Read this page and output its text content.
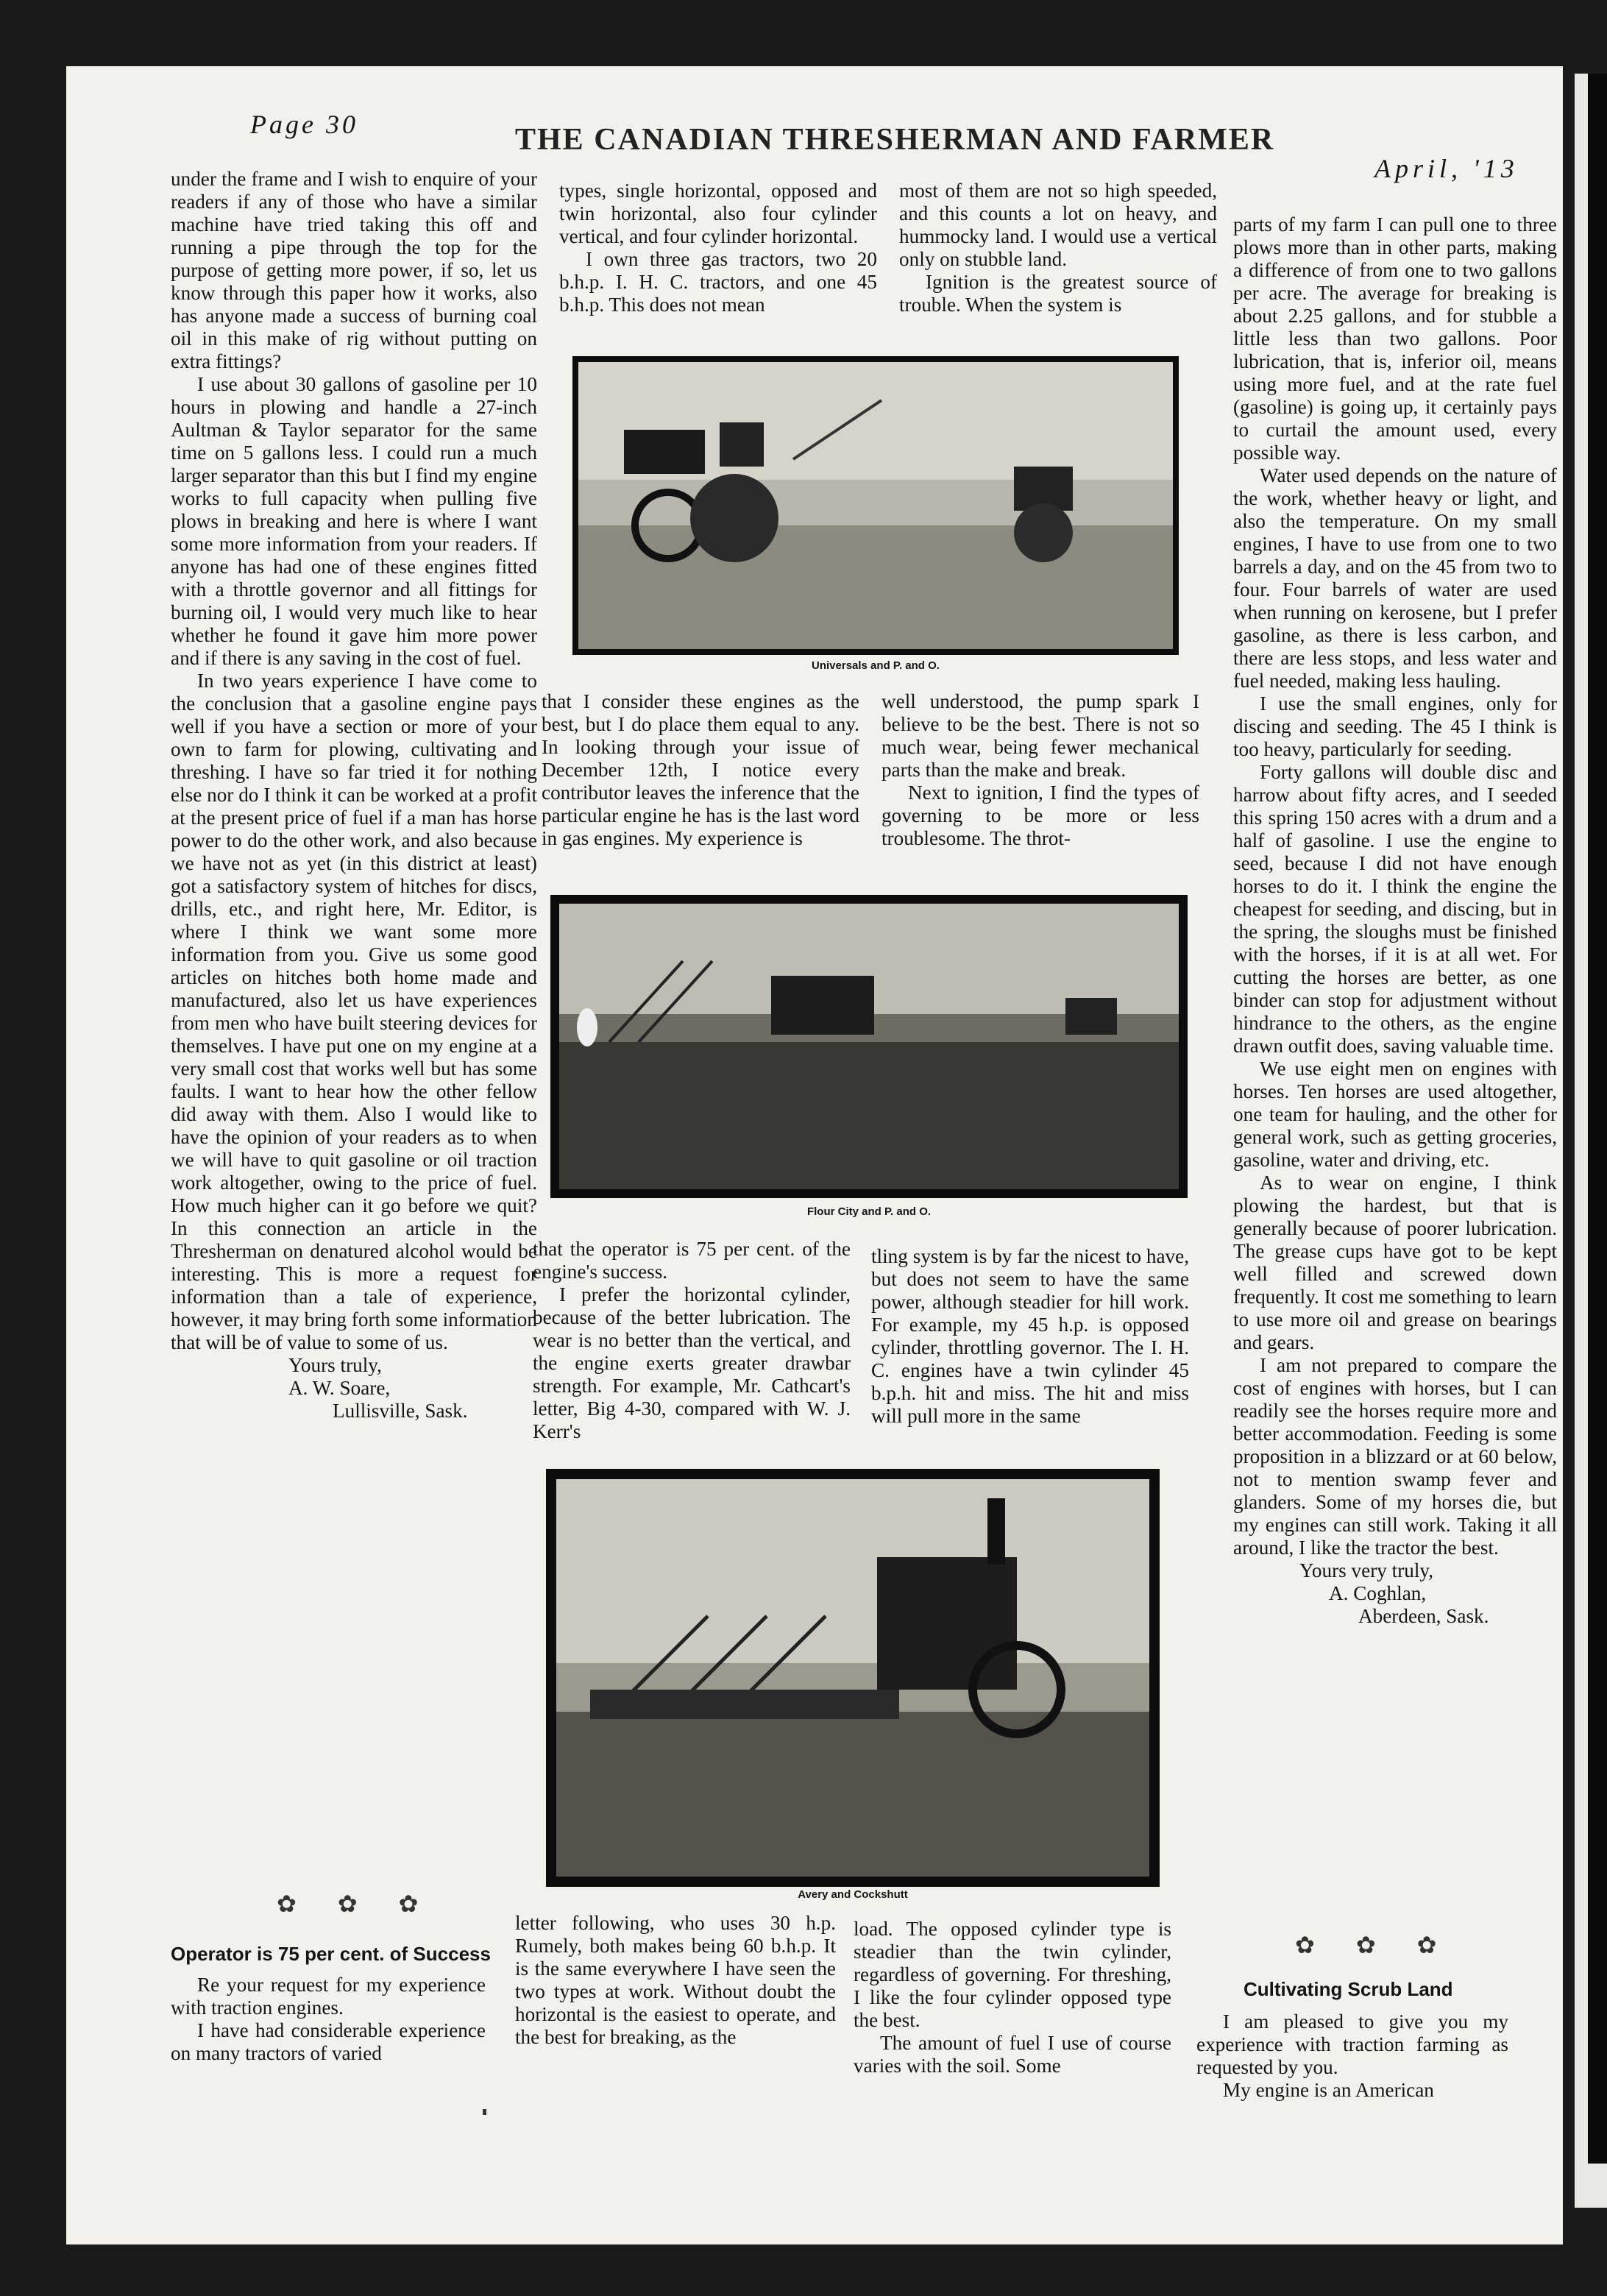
Page 30	THE CANADIAN THRESHERMAN AND FARMER
April, '13

under the frame and I wish to enquire of your readers if any of those who have a similar machine have tried taking this off and running a pipe through the top for the purpose of getting more power, if so, let us know through this paper how it works, also has anyone made a success of burning coal oil in this make of rig without putting on extra fittings?

I use about 30 gallons of gasoline per 10 hours in plowing and handle a 27-inch Aultman & Taylor separator for the same time on 5 gallons less. I could run a much larger separator than this but I find my engine works to full capacity when pulling five plows in breaking and here is where I want some more information from your readers. If anyone has had one of these engines fitted with a throttle governor and all fittings for burning oil, I would very much like to hear whether he found it gave him more power and if there is any saving in the cost of fuel.

In two years experience I have come to the conclusion that a gasoline engine pays well if you have a section or more of your own to farm for plowing, cultivating and threshing. I have so far tried it for nothing else nor do I think it can be worked at a profit at the present price of fuel if a man has horse power to do the other work, and also because we have not as yet (in this district at least) got a satisfactory system of hitches for discs, drills, etc., and right here, Mr. Editor, is where I think we want some more information from you. Give us some good articles on hitches both home made and manufactured, also let us have experiences from men who have built steering devices for themselves. I have put one on my engine at a very small cost that works well but has some faults. I want to hear how the other fellow did away with them. Also I would like to have the opinion of your readers as to when we will have to quit gasoline or oil traction work altogether, owing to the price of fuel. How much higher can it go before we quit? In this connection an article in the Thresherman on denatured alcohol would be interesting. This is more a request for information than a tale of experience, however, it may bring forth some information that will be of value to some of us.

Yours truly,

A. W. Soare,

Lullisville, Sask.

✿ ✿ ✿
Operator is 75 per cent. of Success

Re your request for my experience with traction engines.

I have had considerable experience on many tractors of varied

types, single horizontal, opposed and twin horizontal, also four cylinder vertical, and four cylinder horizontal.

I own three gas tractors, two 20 b.h.p. I. H. C. tractors, and one 45 b.h.p. This does not mean

most of them are not so high speeded, and this counts a lot on heavy, and hummocky land. I would use a vertical only on stubble land.

Ignition is the greatest source of trouble. When the system is

Universals and P. and O.

that I consider these engines as the best, but I do place them equal to any. In looking through your issue of December 12th, I notice every contributor leaves the inference that the particular engine he has is the last word in gas engines. My experience is

well understood, the pump spark I believe to be the best. There is not so much wear, being fewer mechanical parts than the make and break.

Next to ignition, I find the types of governing to be more or less troublesome. The throt-

Flour City and P. and O.

that the operator is 75 per cent. of the engine's success.

I prefer the horizontal cylinder, because of the better lubrication. The wear is no better than the vertical, and the engine exerts greater drawbar strength. For example, Mr. Cathcart's letter, Big 4-30, compared with W. J. Kerr's

tling system is by far the nicest to have, but does not seem to have the same power, although steadier for hill work. For example, my 45 h.p. is opposed cylinder, throttling governor. The I. H. C. engines have a twin cylinder 45 b.p.h. hit and miss. The hit and miss will pull more in the same

Avery and Cockshutt

letter following, who uses 30 h.p. Rumely, both makes being 60 b.h.p. It is the same everywhere I have seen the two types at work. Without doubt the horizontal is the easiest to operate, and the best for breaking, as the

load. The opposed cylinder type is steadier than the twin cylinder, regardless of governing. For threshing, I like the four cylinder opposed type the best.

The amount of fuel I use of course varies with the soil. Some

parts of my farm I can pull one to three plows more than in other parts, making a difference of from one to two gallons per acre. The average for breaking is about 2.25 gallons, and for stubble a little less than two gallons. Poor lubrication, that is, inferior oil, means using more fuel, and at the rate fuel (gasoline) is going up, it certainly pays to curtail the amount used, every possible way.

Water used depends on the nature of the work, whether heavy or light, and also the temperature. On my small engines, I have to use from one to two barrels a day, and on the 45 from two to four. Four barrels of water are used when running on kerosene, but I prefer gasoline, as there is less carbon, and there are less stops, and less water and fuel needed, making less hauling.

I use the small engines, only for discing and seeding. The 45 I think is too heavy, particularly for seeding.

Forty gallons will double disc and harrow about fifty acres, and I seeded this spring 150 acres with a drum and a half of gasoline. I use the engine to seed, because I did not have enough horses to do it. I think the engine the cheapest for seeding, and discing, but in the spring, the sloughs must be finished with the horses, if it is at all wet. For cutting the horses are better, as one binder can stop for adjustment without hindrance to the others, as the engine drawn outfit does, saving valuable time.

We use eight men on engines with horses. Ten horses are used altogether, one team for hauling, and the other for general work, such as getting groceries, gasoline, water and driving, etc.

As to wear on engine, I think plowing the hardest, but that is generally because of poorer lubrication. The grease cups have got to be kept well filled and screwed down frequently. It cost me something to learn to use more oil and grease on bearings and gears.

I am not prepared to compare the cost of engines with horses, but I can readily see the horses require more and better accommodation. Feeding is some proposition in a blizzard or at 60 below, not to mention swamp fever and glanders. Some of my horses die, but my engines can still work. Taking it all around, I like the tractor the best.

Yours very truly,

A. Coghlan,

Aberdeen, Sask.

✿ ✿ ✿
Cultivating Scrub Land

I am pleased to give you my experience with traction farming as requested by you.

My engine is an American
